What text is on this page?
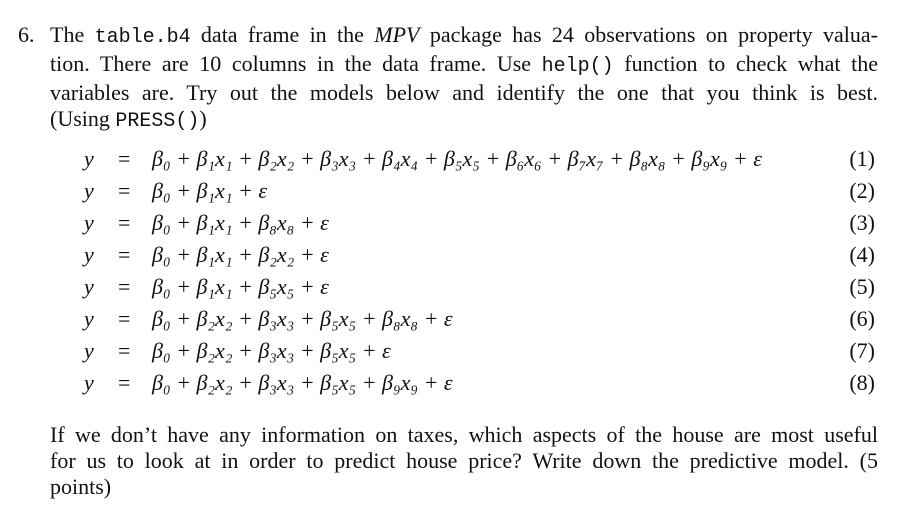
6. The table.b4 data frame in the MPV package has 24 observations on property valua-
tion. There are 10 columns in the data frame. Use help() function to check what the
variables are. Try out the models below and identify the one that you think is best.
(Using PRESS())
y = β₀ + β₁x₁ + β₂x₂ + β₃x₃ + β₄x₄ + β₅x₅ + β₆x₆ + β₇x₇ + β₈x₈ + β₉x₉ + ε	(1)
y = β₀ + β₁x₁ + ε	(2)
y = β₀ + β₁x₁ + β₈x₈ + ε	(3)
y = β₀ + β₁x₁ + β₂x₂ + ε	(4)
y = β₀ + β₁x₁ + β₅x₅ + ε	(5)
y = β₀ + β₂x₂ + β₃x₃ + β₅x₅ + β₈x₈ + ε	(6)
y = β₀ + β₂x₂ + β₃x₃ + β₅x₅ + ε	(7)
y = β₀ + β₂x₂ + β₃x₃ + β₅x₅ + β₉x₉ + ε	(8)
If we don’t have any information on taxes, which aspects of the house are most useful
for us to look at in order to predict house price? Write down the predictive model. (5
points)
